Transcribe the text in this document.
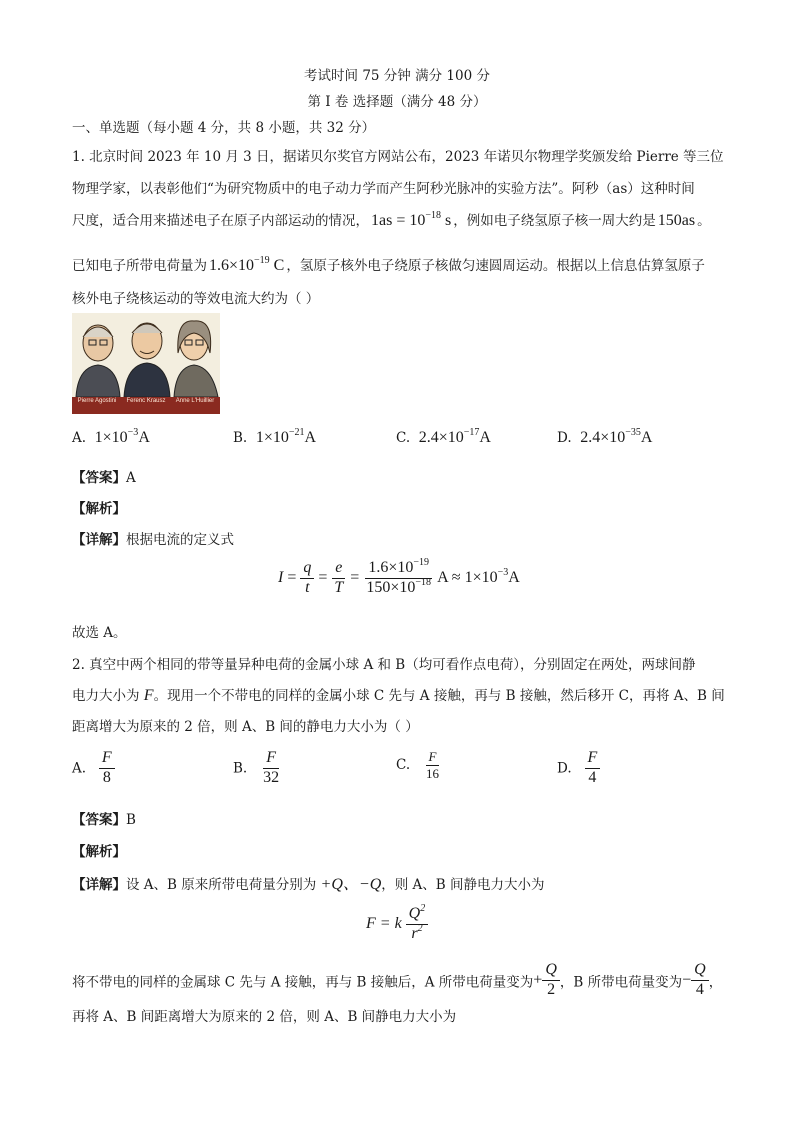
考试时间 75 分钟 满分 100 分
第 I 卷 选择题（满分 48 分）
一、单选题（每小题 4 分，共 8 小题，共 32 分）
1. 北京时间 2023 年 10 月 3 日，据诺贝尔奖官方网站公布，2023 年诺贝尔物理学奖颁发给 Pierre 等三位
物理学家，以表彰他们“为研究物质中的电子动力学而产生阿秒光脉冲的实验方法”。阿秒（as）这种时间
尺度，适合用来描述电子在原子内部运动的情况， $1as = 10^{-18}$ s ，例如电子绕氢原子核一周大约是 150as 。
已知电子所带电荷量为 $1.6\times 10^{-19}$ C ，氢原子核外电子绕原子核做匀速圆周运动。根据以上信息估算氢原子
核外电子绕核运动的等效电流大约为（ ）
Pierre Agostini	Ferenc Krausz	Anne L'Huillier
A. $1\times 10^{-3}A$	B. $1\times 10^{-21}A$	C. $2.4\times 10^{-17}A$	D. $2.4\times 10^{-35}A$
【答案】A
【解析】
【详解】根据电流的定义式
$I = \frac{q}{t} = \frac{e}{T} = \frac{1.6\times 10^{-19}}{150\times 10^{-18}}$ $A \approx 1\times 10^{-3}A$
故选 A。
2. 真空中两个相同的带等量异种电荷的金属小球 A 和 B（均可看作点电荷），分别固定在两处，两球间静
电力大小为 F。现用一个不带电的同样的金属小球 C 先与 A 接触，再与 B 接触，然后移开 C，再将 A、B 间
距离增大为原来的 2 倍，则 A、B 间的静电力大小为（ ）
A. $\frac{F}{8}$	B. $\frac{F}{32}$	C. $\frac{F}{16}$	D. $\frac{F}{4}$
【答案】B
【解析】
【详解】设 A、B 原来所带电荷量分别为 +Q、−Q，则 A、B 间静电力大小为
F = k $\frac{Q^2}{r^2}$
将不带电的同样的金属球 C 先与 A 接触，再与 B 接触后，A 所带电荷量变为+ $\frac{Q}{2}$ ，B 所带电荷量变为− $\frac{Q}{4}$ ，
再将 A、B 间距离增大为原来的 2 倍，则 A、B 间静电力大小为
